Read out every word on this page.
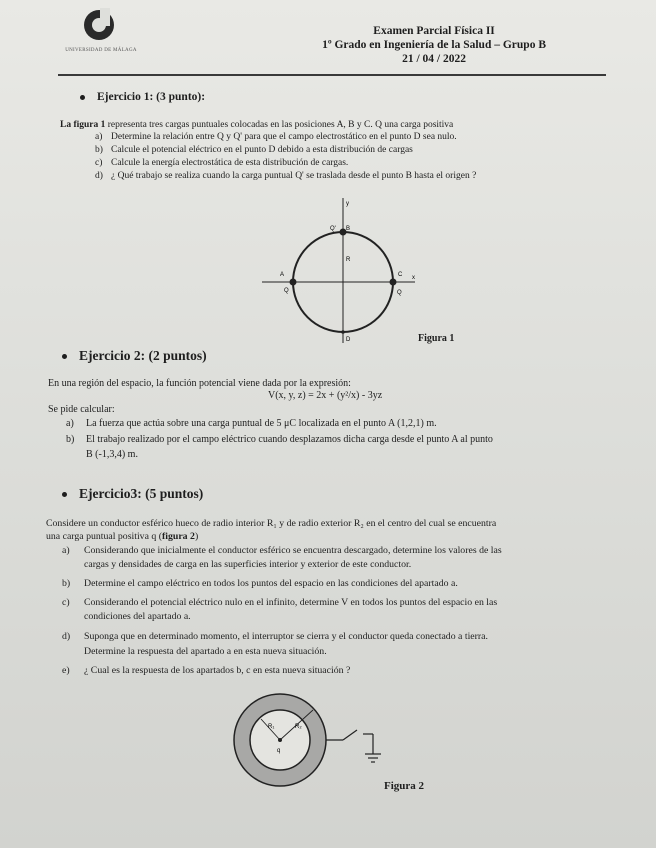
UNIVERSIDAD DE MÁLAGA
Examen Parcial Física II
1º Grado en Ingeniería de la Salud – Grupo B
21 / 04 / 2022
Ejercicio 1: (3 punto):
La figura 1 representa tres cargas puntuales colocadas en las posiciones A, B y C. Q una carga positiva
a) Determine la relación entre Q y Q' para que el campo electrostático en el punto D sea nulo.
b) Calcule el potencial eléctrico en el punto D debido a esta distribución de cargas
c) Calcule la energía electrostática de esta distribución de cargas.
d) ¿ Qué trabajo se realiza cuando la carga puntual Q' se traslada desde el punto B hasta el origen ?
y
x
Q' B
R
A	C
Q	Q
D	Figura 1
Ejercicio 2: (2 puntos)
En una región del espacio, la función potencial viene dada por la expresión:
V(x, y, z) = 2x + (y²/x) - 3yz
Se pide calcular:
a) La fuerza que actúa sobre una carga puntual de 5 μC localizada en el punto A (1,2,1) m.
b) El trabajo realizado por el campo eléctrico cuando desplazamos dicha carga desde el punto A al punto
B (-1,3,4) m.
Ejercicio3: (5 puntos)
Considere un conductor esférico hueco de radio interior R₁ y de radio exterior R₂ en el centro del cual se encuentra
una carga puntual positiva q (figura 2)
a) Considerando que inicialmente el conductor esférico se encuentra descargado, determine los valores de las
cargas y densidades de carga en las superficies interior y exterior de este conductor.
b) Determine el campo eléctrico en todos los puntos del espacio en las condiciones del apartado a.
c) Considerando el potencial eléctrico nulo en el infinito, determine V en todos los puntos del espacio en las
condiciones del apartado a.
d) Suponga que en determinado momento, el interruptor se cierra y el conductor queda conectado a tierra.
Determine la respuesta del apartado a en esta nueva situación.
e) ¿ Cual es la respuesta de los apartados b, c en esta nueva situación ?
R₁	R₂
q
Figura 2
